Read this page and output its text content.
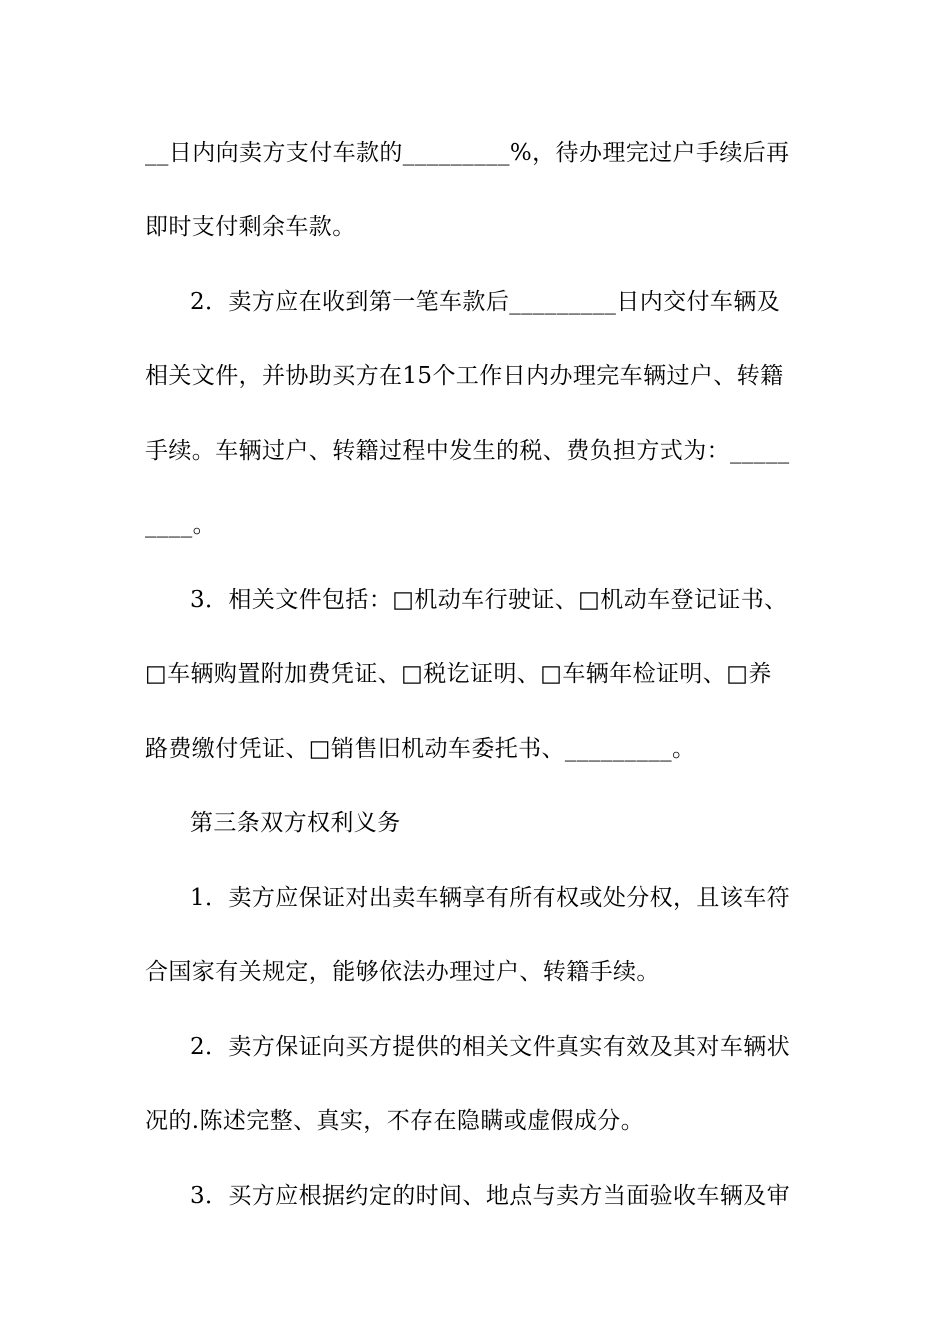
__日内向卖方支付车款的_________%，待办理完过户手续后再
即时支付剩余车款。
2．卖方应在收到第一笔车款后_________日内交付车辆及
相关文件，并协助买方在15个工作日内办理完车辆过户、转籍
手续。车辆过户、转籍过程中发生的税、费负担方式为：_____
____。
3．相关文件包括：□机动车行驶证、□机动车登记证书、
□车辆购置附加费凭证、□税讫证明、□车辆年检证明、□养
路费缴付凭证、□销售旧机动车委托书、_________。
第三条双方权利义务
1．卖方应保证对出卖车辆享有所有权或处分权，且该车符
合国家有关规定，能够依法办理过户、转籍手续。
2．卖方保证向买方提供的相关文件真实有效及其对车辆状
况的.陈述完整、真实，不存在隐瞒或虚假成分。
3．买方应根据约定的时间、地点与卖方当面验收车辆及审
